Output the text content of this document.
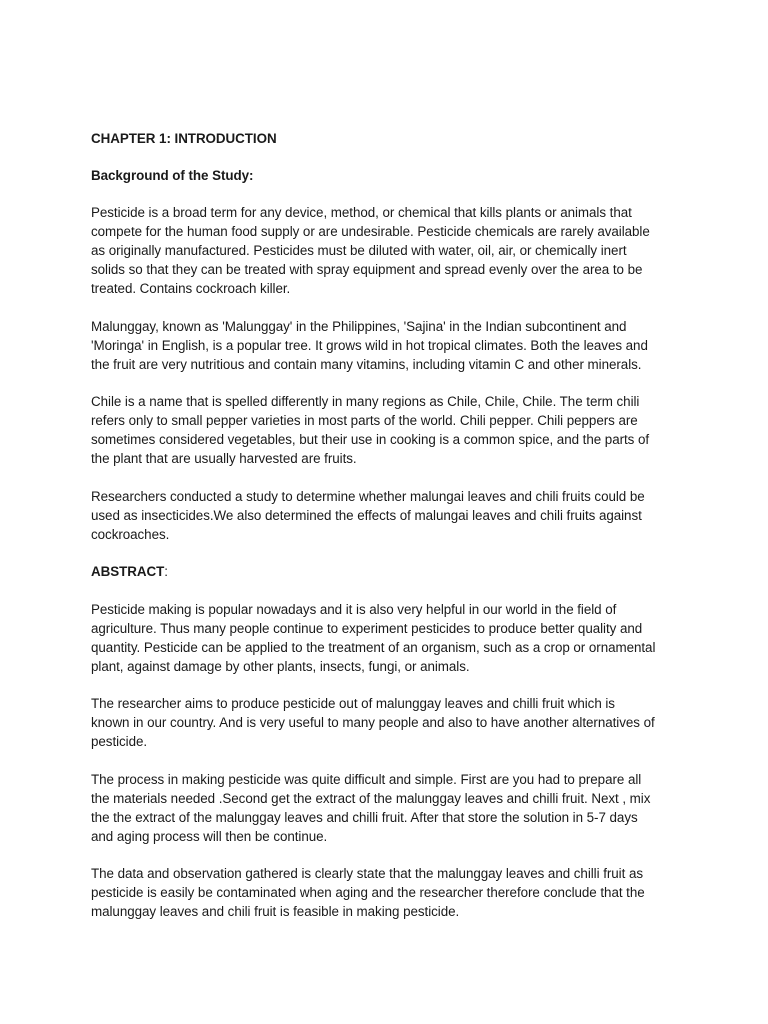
CHAPTER 1: INTRODUCTION
Background of the Study:
Pesticide is a broad term for any device, method, or chemical that kills plants or animals that
compete for the human food supply or are undesirable. Pesticide chemicals are rarely available
as originally manufactured. Pesticides must be diluted with water, oil, air, or chemically inert
solids so that they can be treated with spray equipment and spread evenly over the area to be
treated. Contains cockroach killer.
Malunggay, known as 'Malunggay' in the Philippines, 'Sajina' in the Indian subcontinent and
'Moringa' in English, is a popular tree. It grows wild in hot tropical climates. Both the leaves and
the fruit are very nutritious and contain many vitamins, including vitamin C and other minerals.
Chile is a name that is spelled differently in many regions as Chile, Chile, Chile. The term chili
refers only to small pepper varieties in most parts of the world. Chili pepper. Chili peppers are
sometimes considered vegetables, but their use in cooking is a common spice, and the parts of
the plant that are usually harvested are fruits.
Researchers conducted a study to determine whether malungai leaves and chili fruits could be
used as insecticides.We also determined the effects of malungai leaves and chili fruits against
cockroaches.
ABSTRACT:
Pesticide making is popular nowadays and it is also very helpful in our world in the field of
agriculture. Thus many people continue to experiment pesticides to produce better quality and
quantity. Pesticide can be applied to the treatment of an organism, such as a crop or ornamental
plant, against damage by other plants, insects, fungi, or animals.
The researcher aims to produce pesticide out of malunggay leaves and chilli fruit which is
known in our country. And is very useful to many people and also to have another alternatives of
pesticide.
The process in making pesticide was quite difficult and simple. First are you had to prepare all
the materials needed .Second get the extract of the malunggay leaves and chilli fruit. Next , mix
the the extract of the malunggay leaves and chilli fruit. After that store the solution in 5-7 days
and aging process will then be continue.
The data and observation gathered is clearly state that the malunggay leaves and chilli fruit as
pesticide is easily be contaminated when aging and the researcher therefore conclude that the
malunggay leaves and chili fruit is feasible in making pesticide.
